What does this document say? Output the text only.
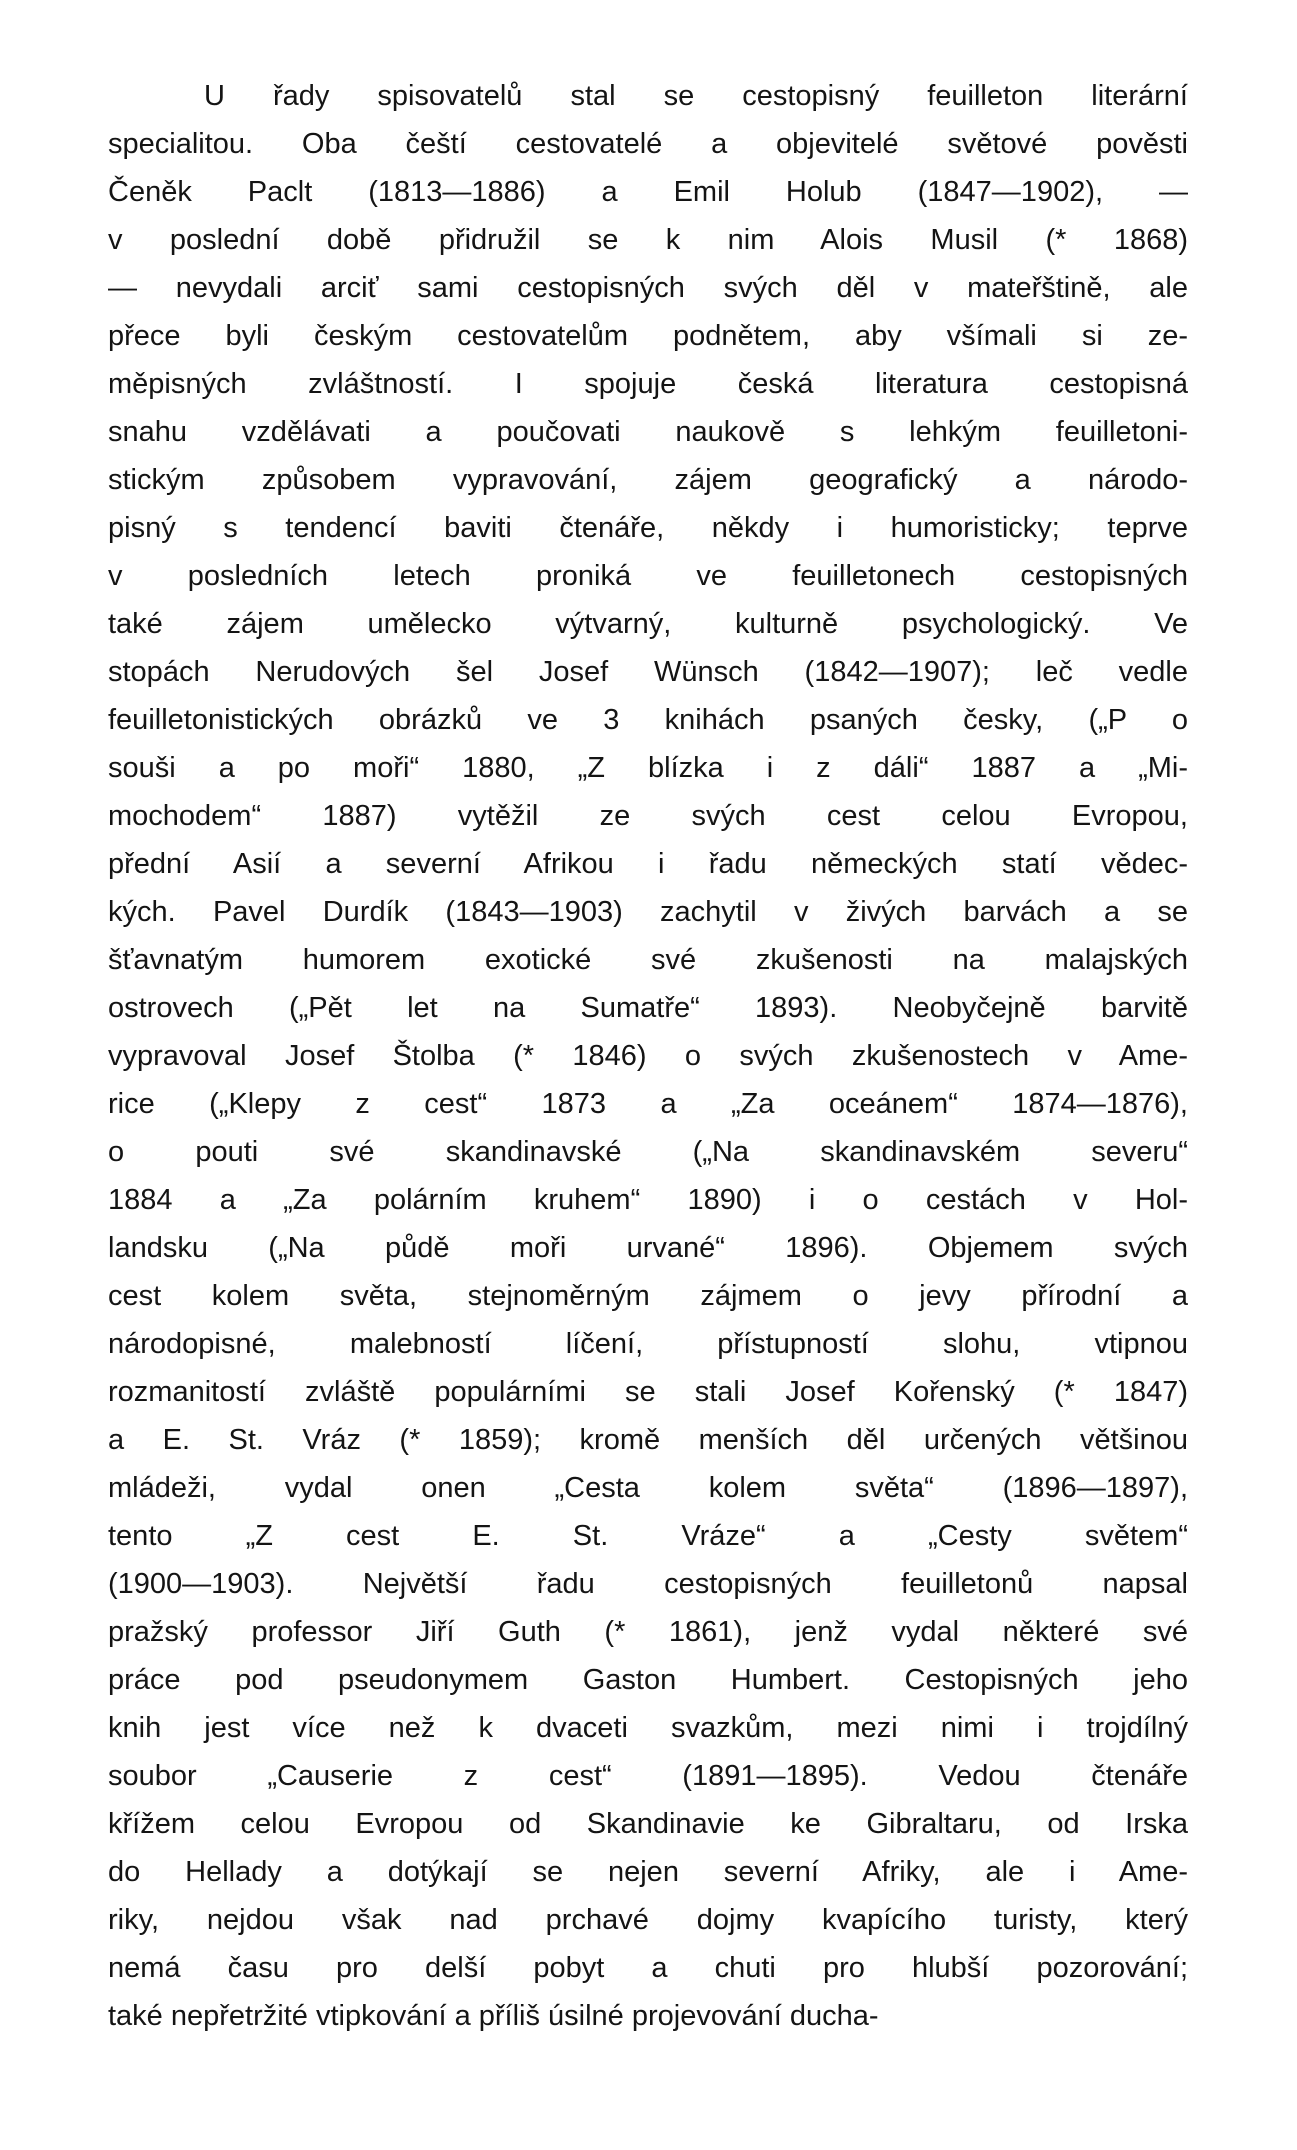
U řady spisovatelů stal se cestopisný feuilleton literární
specialitou. Oba čeští cestovatelé a objevitelé světové pověsti
Čeněk Paclt (1813—1886) a Emil Holub (1847—1902), —
v poslední době přidružil se k nim Alois Musil (* 1868)
— nevydali arciť sami cestopisných svých děl v mateřštině, ale
přece byli českým cestovatelům podnětem, aby všímali si ze-
měpisných zvláštností. I spojuje česká literatura cestopisná
snahu vzdělávati a poučovati naukově s lehkým feuilletoni-
stickým způsobem vypravování, zájem geografický a národo-
pisný s tendencí baviti čtenáře, někdy i humoristicky; teprve
v posledních letech proniká ve feuilletonech cestopisných
také zájem umělecko výtvarný, kulturně psychologický. Ve
stopách Nerudových šel Josef Wünsch (1842—1907); leč vedle
feuilletonistických obrázků ve 3 knihách psaných česky, („P o
souši a po moři“ 1880, „Z blízka i z dáli“ 1887 a „Mi-
mochodem“ 1887) vytěžil ze svých cest celou Evropou,
přední Asií a severní Afrikou i řadu německých statí vědec-
kých. Pavel Durdík (1843—1903) zachytil v živých barvách a se
šťavnatým humorem exotické své zkušenosti na malajských
ostrovech („Pět let na Sumatře“ 1893). Neobyčejně barvitě
vypravoval Josef Štolba (* 1846) o svých zkušenostech v Ame-
rice („Klepy z cest“ 1873 a „Za oceánem“ 1874—1876),
o pouti své skandinavské („Na skandinavském severu“
1884 a „Za polárním kruhem“ 1890) i o cestách v Hol-
landsku („Na půdě moři urvané“ 1896). Objemem svých
cest kolem světa, stejnoměrným zájmem o jevy přírodní a
národopisné, malebností líčení, přístupností slohu, vtipnou
rozmanitostí zvláště populárními se stali Josef Kořenský (* 1847)
a E. St. Vráz (* 1859); kromě menších děl určených většinou
mládeži, vydal onen „Cesta kolem světa“ (1896—1897),
tento „Z cest E. St. Vráze“ a „Cesty světem“
(1900—1903). Největší řadu cestopisných feuilletonů napsal
pražský professor Jiří Guth (* 1861), jenž vydal některé své
práce pod pseudonymem Gaston Humbert. Cestopisných jeho
knih jest více než k dvaceti svazkům, mezi nimi i trojdílný
soubor „Causerie z cest“ (1891—1895). Vedou čtenáře
křížem celou Evropou od Skandinavie ke Gibraltaru, od Irska
do Hellady a dotýkají se nejen severní Afriky, ale i Ame-
riky, nejdou však nad prchavé dojmy kvapícího turisty, který
nemá času pro delší pobyt a chuti pro hlubší pozorování;
také nepřetržité vtipkování a příliš úsilné projevování ducha-
